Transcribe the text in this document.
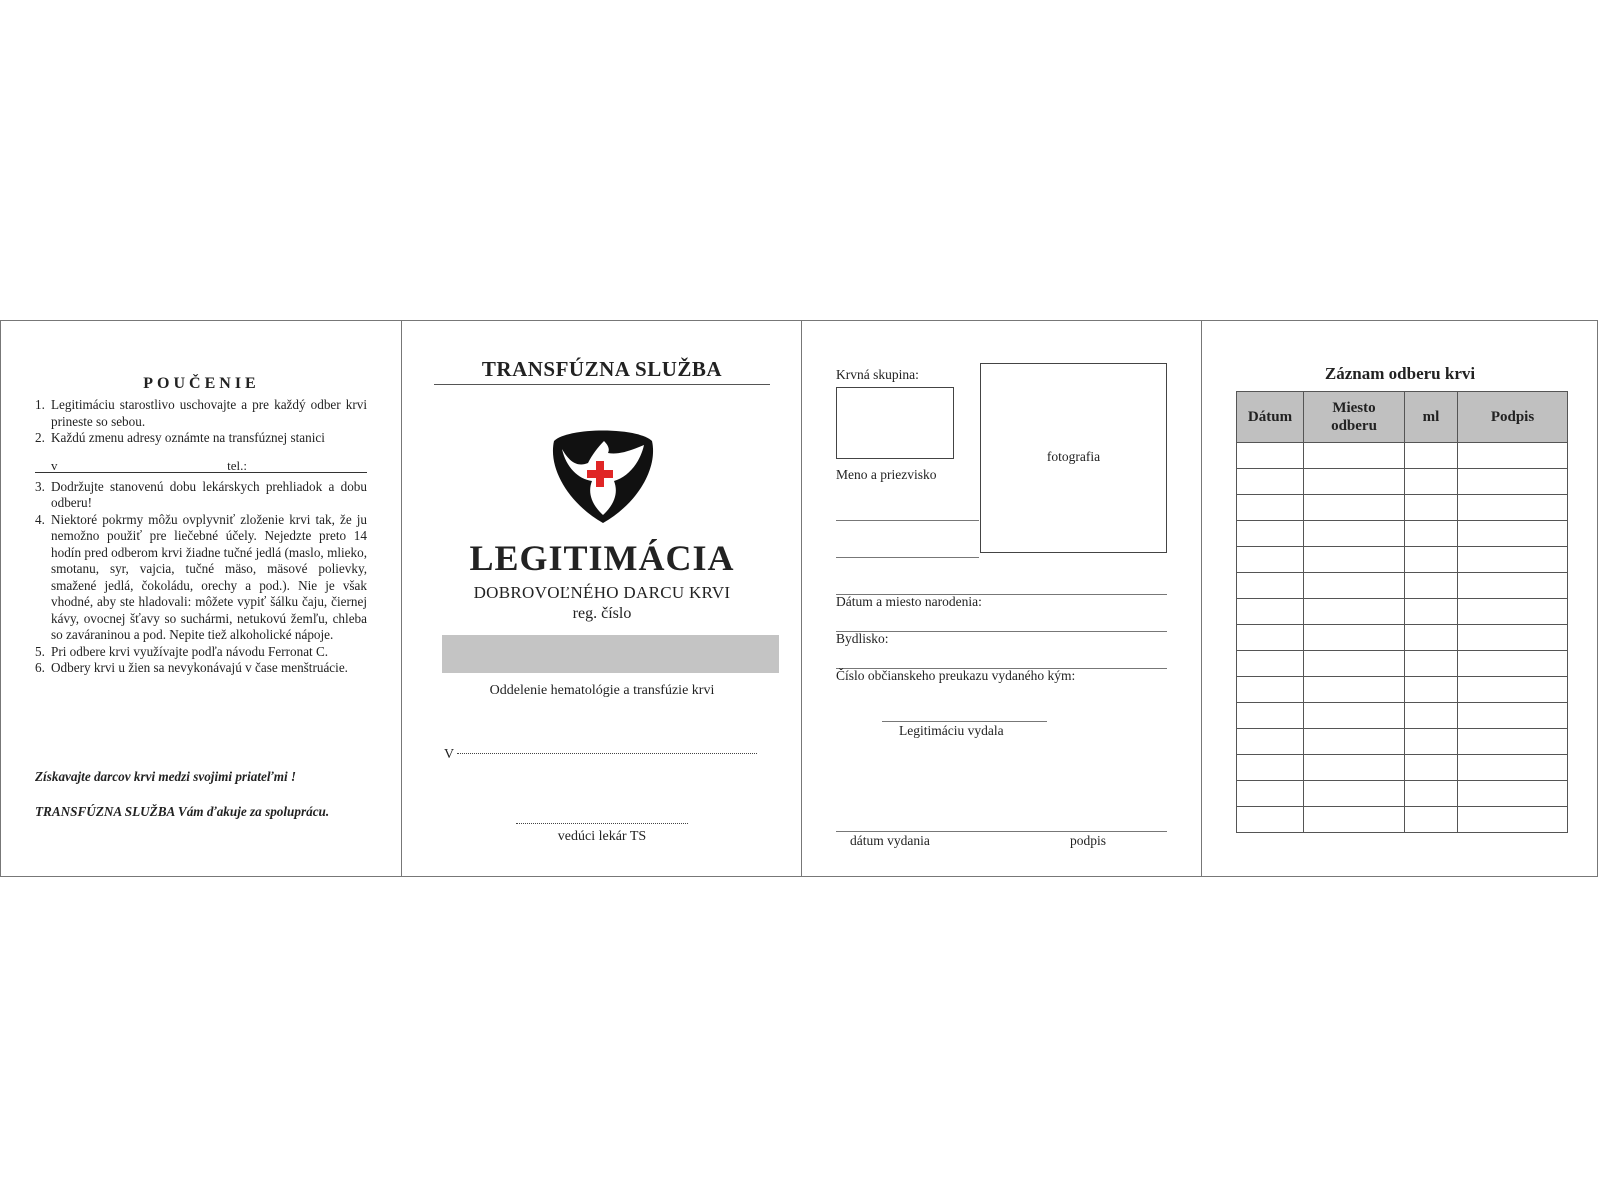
POUČENIE
1. Legitimáciu starostlivo uschovajte a pre každý odber krvi prineste so sebou.
2. Každú zmenu adresy oznámte na transfúznej stanici
v	tel.:
3. Dodržujte stanovenú dobu lekárskych prehliadok a dobu odberu!
4. Niektoré pokrmy môžu ovplyvniť zloženie krvi tak, že ju nemožno použiť pre liečebné účely. Nejedzte preto 14 hodín pred odberom krvi žiadne tučné jedlá (maslo, mlieko, smotanu, syr, vajcia, tučné mäso, mäsové polievky, smažené jedlá, čokoládu, orechy a pod.). Nie je však vhodné, aby ste hladovali: môžete vypiť šálku čaju, čiernej kávy, ovocnej šťavy so suchármi, netukovú žemľu, chleba so zaváraninou a pod. Nepite tiež alkoholické nápoje.
5. Pri odbere krvi využívajte podľa návodu Ferronat C.
6. Odbery krvi u žien sa nevykonávajú v čase menštruácie.
Získavajte darcov krvi medzi svojimi priateľmi !
TRANSFÚZNA SLUŽBA Vám ďakuje za spoluprácu.
TRANSFÚZNA SLUŽBA
LEGITIMÁCIA
DOBROVOĽNÉHO DARCU KRVI
reg. číslo
Oddelenie hematológie a transfúzie krvi
V
vedúci lekár TS
Krvná skupina:
fotografia
Meno a priezvisko
Dátum a miesto narodenia:
Bydlisko:
Číslo občianskeho preukazu vydaného kým:
Legitimáciu vydala
dátum vydania	podpis
Záznam odberu krvi
Dátum	Miesto odberu	ml	Podpis
